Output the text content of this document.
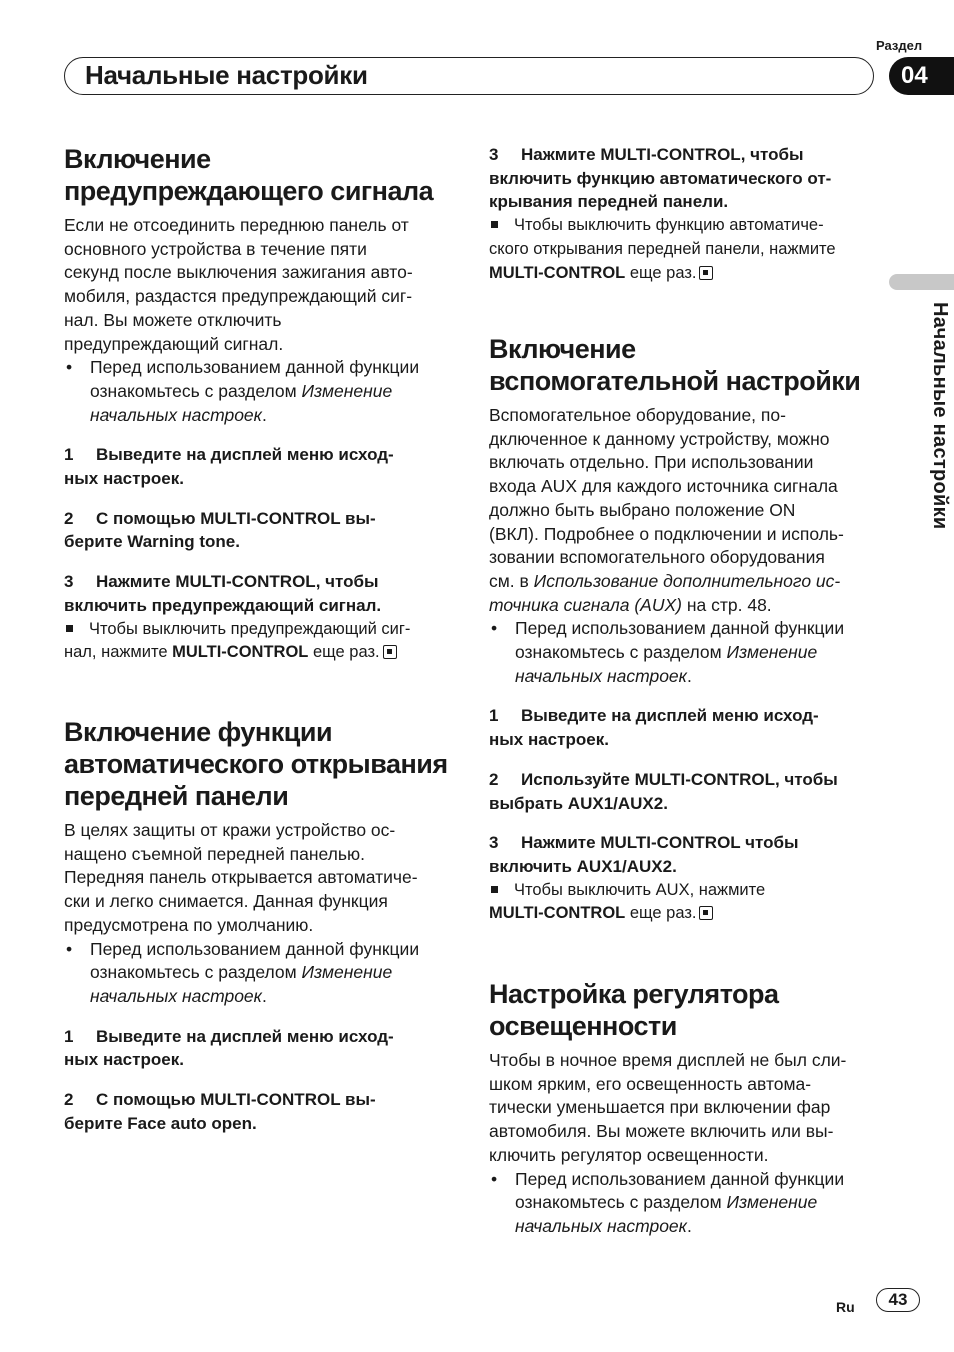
Раздел
Начальные настройки	04
Начальные настройки
Включение
предупреждающего сигнала

Если не отсоединить переднюю панель от

основного устройства в течение пяти

секунд после выключения зажигания авто-

мобиля, раздастся предупреждающий сиг-

нал. Вы можете отключить

предупреждающий сигнал.

• Перед использованием данной функции
ознакомьтесь с разделом Изменение
начальных настроек.
1 Выведите на дисплей меню исход-
ных настроек.
2 С помощью MULTI-CONTROL вы-
берите Warning tone.
3 Нажмите MULTI-CONTROL, чтобы
включить предупреждающий сигнал.
Чтобы выключить предупреждающий сиг-
нал, нажмите MULTI-CONTROL еще раз.
Включение функции
автоматического открывания
передней панели

В целях защиты от кражи устройство ос-

нащено съемной передней панелью.

Передняя панель открывается автоматиче-

ски и легко снимается. Данная функция

предусмотрена по умолчанию.

• Перед использованием данной функции
ознакомьтесь с разделом Изменение
начальных настроек.
1 Выведите на дисплей меню исход-
ных настроек.
2 С помощью MULTI-CONTROL вы-
берите Face auto open.
3 Нажмите MULTI-CONTROL, чтобы
включить функцию автоматического от-
крывания передней панели.
Чтобы выключить функцию автоматиче-
ского открывания передней панели, нажмите
MULTI-CONTROL еще раз.
Включение
вспомогательной настройки

Вспомогательное оборудование, по-

дключенное к данному устройству, можно

включать отдельно. При использовании

входа AUX для каждого источника сигнала

должно быть выбрано положение ON

(ВКЛ). Подробнее о подключении и исполь-

зовании вспомогательного оборудования

см. в Использование дополнительного ис-

точника сигнала (AUX) на стр. 48.

• Перед использованием данной функции
ознакомьтесь с разделом Изменение
начальных настроек.
1 Выведите на дисплей меню исход-
ных настроек.
2 Используйте MULTI-CONTROL, чтобы
выбрать AUX1/AUX2.
3 Нажмите MULTI-CONTROL чтобы
включить AUX1/AUX2.
Чтобы выключить AUX, нажмите
MULTI-CONTROL еще раз.
Настройка регулятора
освещенности

Чтобы в ночное время дисплей не был сли-

шком ярким, его освещенность автома-

тически уменьшается при включении фар

автомобиля. Вы можете включить или вы-

ключить регулятор освещенности.

• Перед использованием данной функции
ознакомьтесь с разделом Изменение
начальных настроек.
Ru	43
